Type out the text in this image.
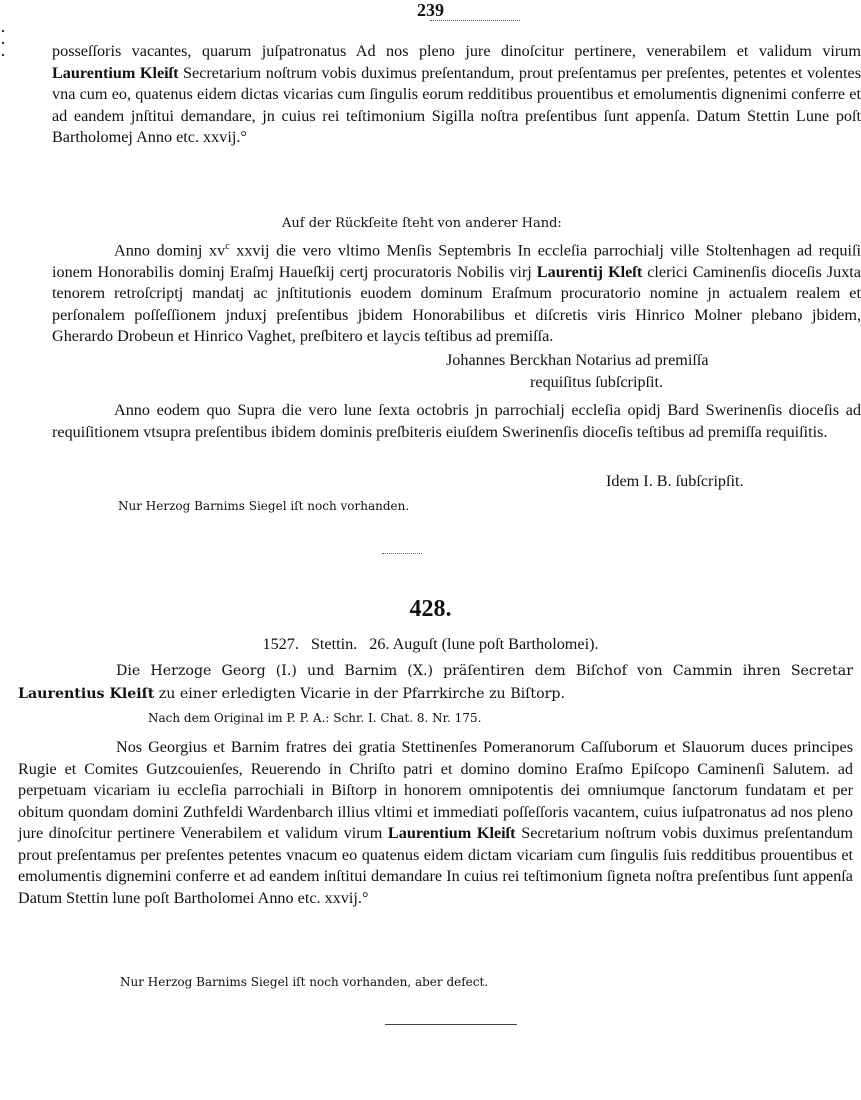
239

posseſſoris vacantes, quarum juſpatronatus Ad nos pleno jure dinoſcitur pertinere, venerabilem et validum virum Laurentium Kleiſt Secretarium noſtrum vobis duximus preſentandum, prout preſentamus per preſentes, petentes et volentes vna cum eo, quatenus eidem dictas vicarias cum ſingulis eorum redditibus prouentibus et emolumentis dignenimi conferre et ad eandem jnſtitui demandare, jn cuius rei teſtimonium Sigilla noſtra preſentibus ſunt appenſa. Datum Stettin Lune poſt Bartholomej Anno etc. xxvij.°

Auf der Rückſeite ſteht von anderer Hand:

Anno dominj $xv^c$ xxvij die vero vltimo Menſis Septembris In eccleſia parrochialj ville Stoltenhagen ad requiſi ionem Honorabilis dominj Eraſmj Haueſkij certj procuratoris Nobilis virj Laurentij Kleſt clerici Caminenſis dioceſis Juxta tenorem retroſcriptj mandatj ac jnſtitutionis euodem dominum Eraſmum procuratorio nomine jn actualem realem et perſonalem poſſeſſionem jnduxj preſentibus jbidem Honorabilibus et diſcretis viris Hinrico Molner plebano jbidem, Gherardo Drobeun et Hinrico Vaghet, preſbitero et laycis teſtibus ad premiſſa.

Johannes Berckhan Notarius ad premiſſa

requiſitus ſubſcripſit.

Anno eodem quo Supra die vero lune ſexta octobris jn parrochialj eccleſia opidj Bard Swerinenſis dioceſis ad requiſitionem vtsupra preſentibus ibidem dominis preſbiteris eiuſdem Swerinenſis dioceſis teſtibus ad premiſſa requiſitis.

Idem I. B. ſubſcripſit.

Nur Herzog Barnims Siegel iſt noch vorhanden.

428.
1527. Stettin. 26. Auguſt (lune poſt Bartholomei).

Die Herzoge Georg (I.) und Barnim (X.) präſentiren dem Biſchof von Cammin ihren Secretar Laurentius Kleiſt zu einer erledigten Vicarie in der Pfarrkirche zu Biſtorp.

Nach dem Original im P. P. A.: Schr. I. Chat. 8. Nr. 175.

Nos Georgius et Barnim fratres dei gratia Stettinenſes Pomeranorum Caſſuborum et Slauorum duces principes Rugie et Comites Gutzcouienſes, Reuerendo in Chriſto patri et domino domino Eraſmo Epiſcopo Caminenſi Salutem. ad perpetuam vicariam iu eccleſia parrochiali in Biſtorp in honorem omnipotentis dei omniumque ſanctorum fundatam et per obitum quondam domini Zuthfeldi Wardenbarch illius vltimi et immediati poſſeſſoris vacantem, cuius iuſpatronatus ad nos pleno jure dinoſcitur pertinere Venerabilem et validum virum Laurentium Kleiſt Secretarium noſtrum vobis duximus preſentandum prout preſentamus per preſentes petentes vnacum eo quatenus eidem dictam vicariam cum ſingulis ſuis redditibus prouentibus et emolumentis dignemini conferre et ad eandem inſtitui demandare In cuius rei teſtimonium ſigneta noſtra preſentibus ſunt appenſa Datum Stettin lune poſt Bartholomei Anno etc. xxvij.°

Nur Herzog Barnims Siegel iſt noch vorhanden, aber defect.
